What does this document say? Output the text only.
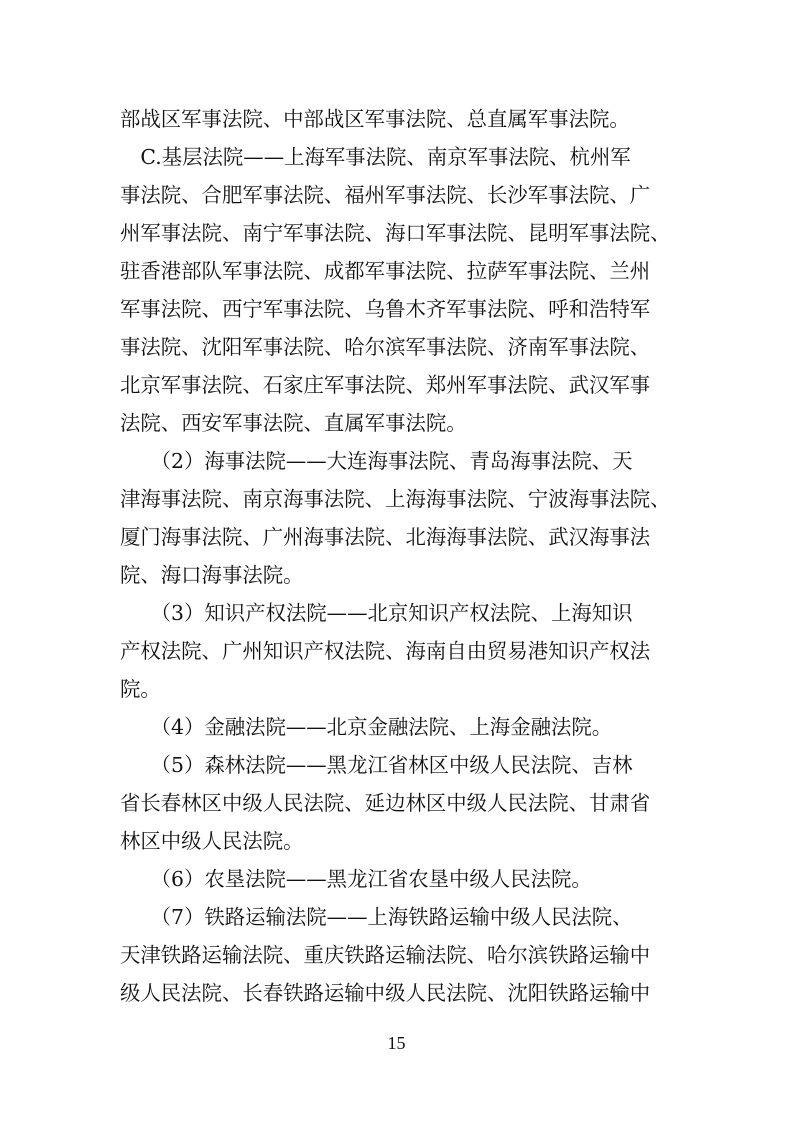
部战区军事法院、中部战区军事法院、总直属军事法院。
　C.基层法院——上海军事法院、南京军事法院、杭州军
事法院、合肥军事法院、福州军事法院、长沙军事法院、广
州军事法院、南宁军事法院、海口军事法院、昆明军事法院、
驻香港部队军事法院、成都军事法院、拉萨军事法院、兰州
军事法院、西宁军事法院、乌鲁木齐军事法院、呼和浩特军
事法院、沈阳军事法院、哈尔滨军事法院、济南军事法院、
北京军事法院、石家庄军事法院、郑州军事法院、武汉军事
法院、西安军事法院、直属军事法院。
　　（2）海事法院——大连海事法院、青岛海事法院、天
津海事法院、南京海事法院、上海海事法院、宁波海事法院、
厦门海事法院、广州海事法院、北海海事法院、武汉海事法
院、海口海事法院。
　　（3）知识产权法院——北京知识产权法院、上海知识
产权法院、广州知识产权法院、海南自由贸易港知识产权法
院。
　　（4）金融法院——北京金融法院、上海金融法院。
　　（5）森林法院——黑龙江省林区中级人民法院、吉林
省长春林区中级人民法院、延边林区中级人民法院、甘肃省
林区中级人民法院。
　　（6）农垦法院——黑龙江省农垦中级人民法院。
　　（7）铁路运输法院——上海铁路运输中级人民法院、
天津铁路运输法院、重庆铁路运输法院、哈尔滨铁路运输中
级人民法院、长春铁路运输中级人民法院、沈阳铁路运输中
15
